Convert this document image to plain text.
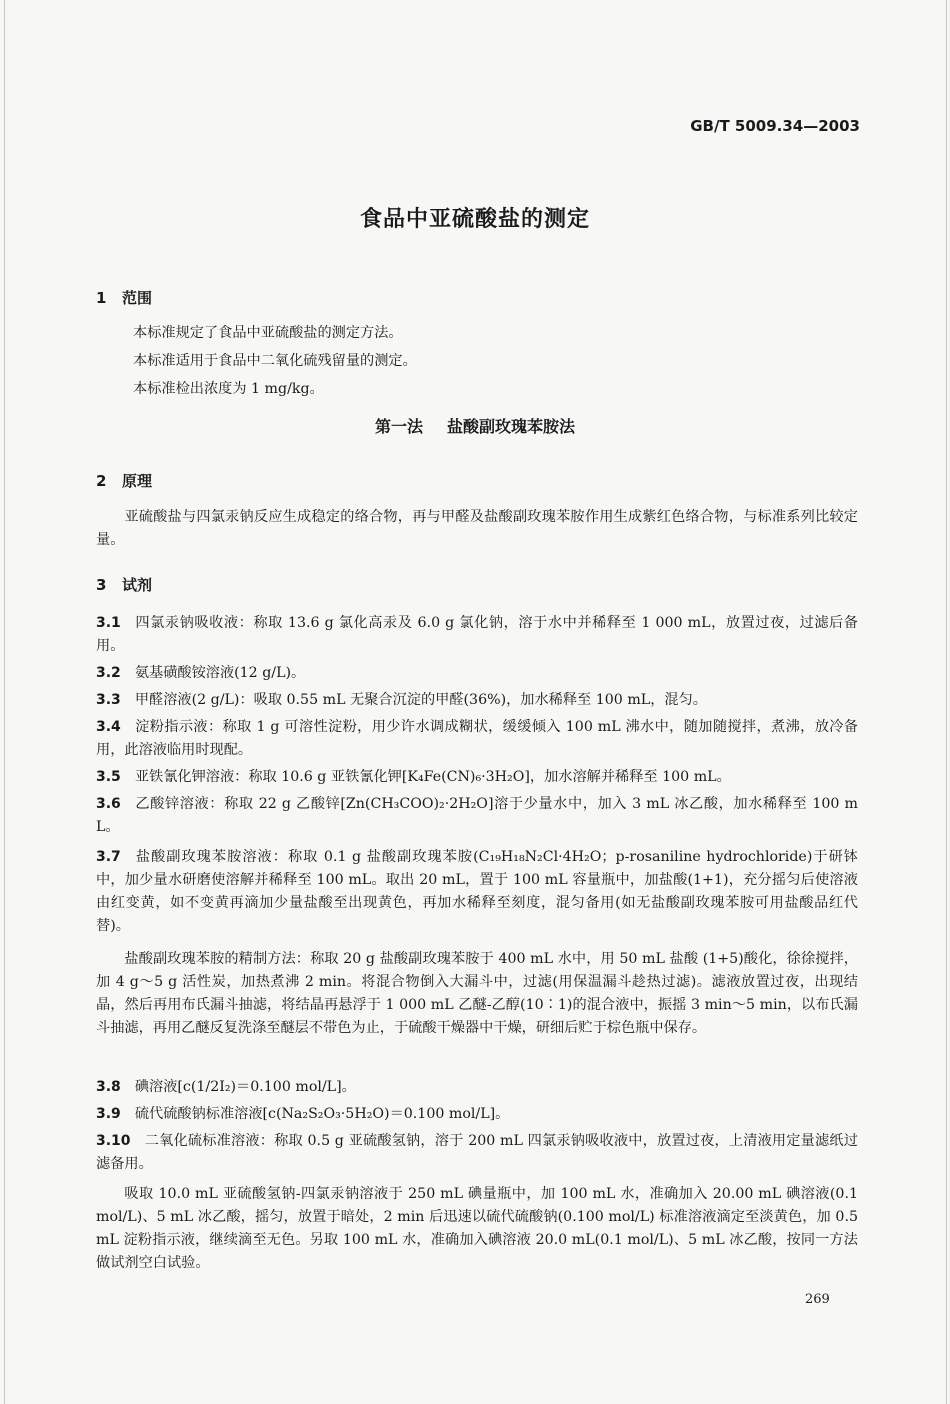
GB/T 5009.34—2003
食品中亚硫酸盐的测定
1 范围
本标准规定了食品中亚硫酸盐的测定方法。
本标准适用于食品中二氧化硫残留量的测定。
本标准检出浓度为 1 mg/kg。
第一法 盐酸副玫瑰苯胺法
2 原理
亚硫酸盐与四氯汞钠反应生成稳定的络合物，再与甲醛及盐酸副玫瑰苯胺作用生成紫红色络合物，与标准系列比较定量。
3 试剂
3.1 四氯汞钠吸收液：称取 13.6 g 氯化高汞及 6.0 g 氯化钠，溶于水中并稀释至 1 000 mL，放置过夜，过滤后备用。
3.2 氨基磺酸铵溶液(12 g/L)。
3.3 甲醛溶液(2 g/L)：吸取 0.55 mL 无聚合沉淀的甲醛(36%)，加水稀释至 100 mL，混匀。
3.4 淀粉指示液：称取 1 g 可溶性淀粉，用少许水调成糊状，缓缓倾入 100 mL 沸水中，随加随搅拌，煮沸，放冷备用，此溶液临用时现配。
3.5 亚铁氰化钾溶液：称取 10.6 g 亚铁氰化钾[K₄Fe(CN)₆·3H₂O]，加水溶解并稀释至 100 mL。
3.6 乙酸锌溶液：称取 22 g 乙酸锌[Zn(CH₃COO)₂·2H₂O]溶于少量水中，加入 3 mL 冰乙酸，加水稀释至 100 mL。
3.7 盐酸副玫瑰苯胺溶液：称取 0.1 g 盐酸副玫瑰苯胺(C₁₉H₁₈N₂Cl·4H₂O；p-rosaniline hydrochloride)于研钵中，加少量水研磨使溶解并稀释至 100 mL。取出 20 mL，置于 100 mL 容量瓶中，加盐酸(1+1)，充分摇匀后使溶液由红变黄，如不变黄再滴加少量盐酸至出现黄色，再加水稀释至刻度，混匀备用(如无盐酸副玫瑰苯胺可用盐酸品红代替)。
盐酸副玫瑰苯胺的精制方法：称取 20 g 盐酸副玫瑰苯胺于 400 mL 水中，用 50 mL 盐酸 (1+5)酸化，徐徐搅拌，加 4 g～5 g 活性炭，加热煮沸 2 min。将混合物倒入大漏斗中，过滤(用保温漏斗趁热过滤)。滤液放置过夜，出现结晶，然后再用布氏漏斗抽滤，将结晶再悬浮于 1 000 mL 乙醚-乙醇(10∶1)的混合液中，振摇 3 min～5 min，以布氏漏斗抽滤，再用乙醚反复洗涤至醚层不带色为止，于硫酸干燥器中干燥，研细后贮于棕色瓶中保存。
3.8 碘溶液[c(1/2I₂)＝0.100 mol/L]。
3.9 硫代硫酸钠标准溶液[c(Na₂S₂O₃·5H₂O)＝0.100 mol/L]。
3.10 二氧化硫标准溶液：称取 0.5 g 亚硫酸氢钠，溶于 200 mL 四氯汞钠吸收液中，放置过夜，上清液用定量滤纸过滤备用。
吸取 10.0 mL 亚硫酸氢钠-四氯汞钠溶液于 250 mL 碘量瓶中，加 100 mL 水，准确加入 20.00 mL 碘溶液(0.1 mol/L)、5 mL 冰乙酸，摇匀，放置于暗处，2 min 后迅速以硫代硫酸钠(0.100 mol/L) 标准溶液滴定至淡黄色，加 0.5 mL 淀粉指示液，继续滴至无色。另取 100 mL 水，准确加入碘溶液 20.0 mL(0.1 mol/L)、5 mL 冰乙酸，按同一方法做试剂空白试验。
269
